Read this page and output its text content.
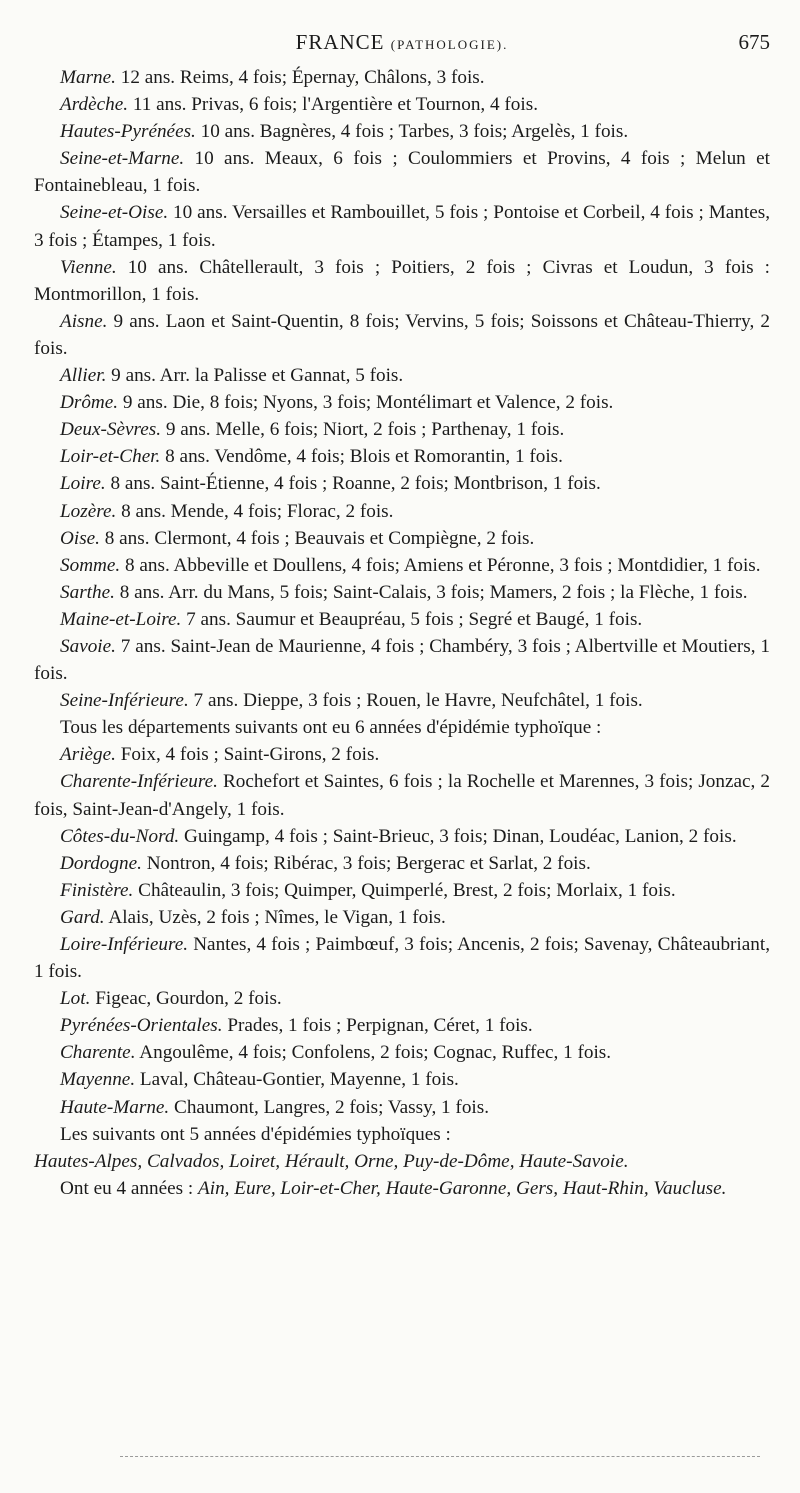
FRANCE (PATHOLOGIE).	675

Marne. 12 ans. Reims, 4 fois; Épernay, Châlons, 3 fois.

Ardèche. 11 ans. Privas, 6 fois; l'Argentière et Tournon, 4 fois.

Hautes-Pyrénées. 10 ans. Bagnères, 4 fois ; Tarbes, 3 fois; Argelès, 1 fois.

Seine-et-Marne. 10 ans. Meaux, 6 fois ; Coulommiers et Provins, 4 fois ; Melun et Fontainebleau, 1 fois.

Seine-et-Oise. 10 ans. Versailles et Rambouillet, 5 fois ; Pontoise et Corbeil, 4 fois ; Mantes, 3 fois ; Étampes, 1 fois.

Vienne. 10 ans. Châtellerault, 3 fois ; Poitiers, 2 fois ; Civras et Loudun, 3 fois : Montmorillon, 1 fois.

Aisne. 9 ans. Laon et Saint-Quentin, 8 fois; Vervins, 5 fois; Soissons et Château-Thierry, 2 fois.

Allier. 9 ans. Arr. la Palisse et Gannat, 5 fois.

Drôme. 9 ans. Die, 8 fois; Nyons, 3 fois; Montélimart et Valence, 2 fois.

Deux-Sèvres. 9 ans. Melle, 6 fois; Niort, 2 fois ; Parthenay, 1 fois.

Loir-et-Cher. 8 ans. Vendôme, 4 fois; Blois et Romorantin, 1 fois.

Loire. 8 ans. Saint-Étienne, 4 fois ; Roanne, 2 fois; Montbrison, 1 fois.

Lozère. 8 ans. Mende, 4 fois; Florac, 2 fois.

Oise. 8 ans. Clermont, 4 fois ; Beauvais et Compiègne, 2 fois.

Somme. 8 ans. Abbeville et Doullens, 4 fois; Amiens et Péronne, 3 fois ; Montdidier, 1 fois.

Sarthe. 8 ans. Arr. du Mans, 5 fois; Saint-Calais, 3 fois; Mamers, 2 fois ; la Flèche, 1 fois.

Maine-et-Loire. 7 ans. Saumur et Beaupréau, 5 fois ; Segré et Baugé, 1 fois.

Savoie. 7 ans. Saint-Jean de Maurienne, 4 fois ; Chambéry, 3 fois ; Albertville et Moutiers, 1 fois.

Seine-Inférieure. 7 ans. Dieppe, 3 fois ; Rouen, le Havre, Neufchâtel, 1 fois.

Tous les départements suivants ont eu 6 années d'épidémie typhoïque :

Ariège. Foix, 4 fois ; Saint-Girons, 2 fois.

Charente-Inférieure. Rochefort et Saintes, 6 fois ; la Rochelle et Marennes, 3 fois; Jonzac, 2 fois, Saint-Jean-d'Angely, 1 fois.

Côtes-du-Nord. Guingamp, 4 fois ; Saint-Brieuc, 3 fois; Dinan, Loudéac, Lanion, 2 fois.

Dordogne. Nontron, 4 fois; Ribérac, 3 fois; Bergerac et Sarlat, 2 fois.

Finistère. Châteaulin, 3 fois; Quimper, Quimperlé, Brest, 2 fois; Morlaix, 1 fois.

Gard. Alais, Uzès, 2 fois ; Nîmes, le Vigan, 1 fois.

Loire-Inférieure. Nantes, 4 fois ; Paimbœuf, 3 fois; Ancenis, 2 fois; Savenay, Châteaubriant, 1 fois.

Lot. Figeac, Gourdon, 2 fois.

Pyrénées-Orientales. Prades, 1 fois ; Perpignan, Céret, 1 fois.

Charente. Angoulême, 4 fois; Confolens, 2 fois; Cognac, Ruffec, 1 fois.

Mayenne. Laval, Château-Gontier, Mayenne, 1 fois.

Haute-Marne. Chaumont, Langres, 2 fois; Vassy, 1 fois.

Les suivants ont 5 années d'épidémies typhoïques :

Hautes-Alpes, Calvados, Loiret, Hérault, Orne, Puy-de-Dôme, Haute-Savoie.

Ont eu 4 années : Ain, Eure, Loir-et-Cher, Haute-Garonne, Gers, Haut-Rhin, Vaucluse.
